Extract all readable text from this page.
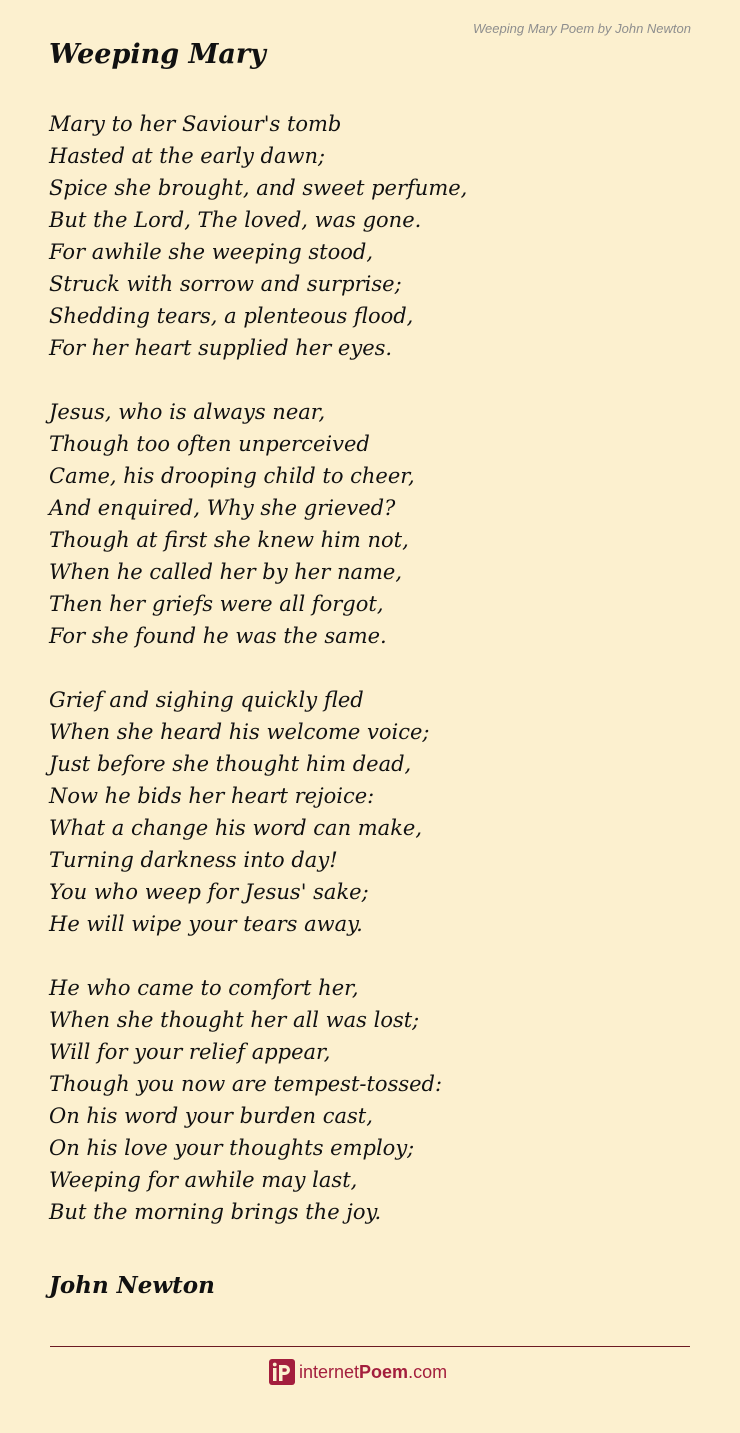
Weeping Mary Poem by John Newton
Weeping Mary
Mary to her Saviour's tomb
Hasted at the early dawn;
Spice she brought, and sweet perfume,
But the Lord, The loved, was gone.
For awhile she weeping stood,
Struck with sorrow and surprise;
Shedding tears, a plenteous flood,
For her heart supplied her eyes.
Jesus, who is always near,
Though too often unperceived
Came, his drooping child to cheer,
And enquired, Why she grieved?
Though at first she knew him not,
When he called her by her name,
Then her griefs were all forgot,
For she found he was the same.
Grief and sighing quickly fled
When she heard his welcome voice;
Just before she thought him dead,
Now he bids her heart rejoice:
What a change his word can make,
Turning darkness into day!
You who weep for Jesus' sake;
He will wipe your tears away.
He who came to comfort her,
When she thought her all was lost;
Will for your relief appear,
Though you now are tempest-tossed:
On his word your burden cast,
On his love your thoughts employ;
Weeping for awhile may last,
But the morning brings the joy.
John Newton
internetPoem.com
